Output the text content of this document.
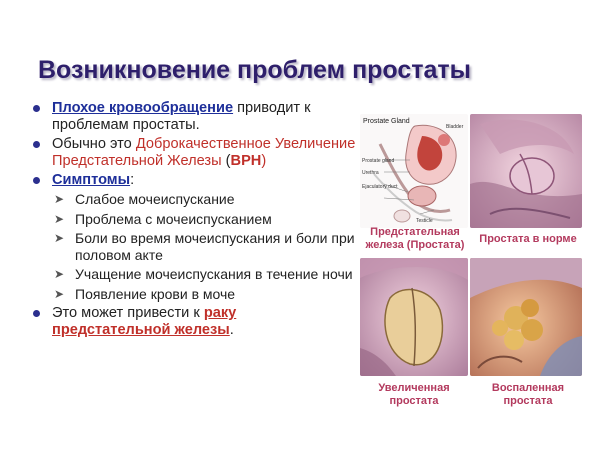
Возникновение проблем простаты
Плохое кровообращение приводит к проблемам простаты.
Обычно это Доброкачественное Увеличение Предстательной Железы (BPH)
Симптомы:
➤ Слабое мочеиспускание
➤ Проблема с мочеиспусканием
➤ Боли во время мочеиспускания и боли при половом акте
➤ Учащение мочеиспускания в течение ночи
➤ Появление крови в моче
Это может привести к раку предстательной железы.
Prostate Gland
Bladder
Prostate gland
Urethra
Ejaculatory duct
Testicle
Предстательная железа (Простата)	Простата в норме
Увеличенная простата
Воспаленная простата
